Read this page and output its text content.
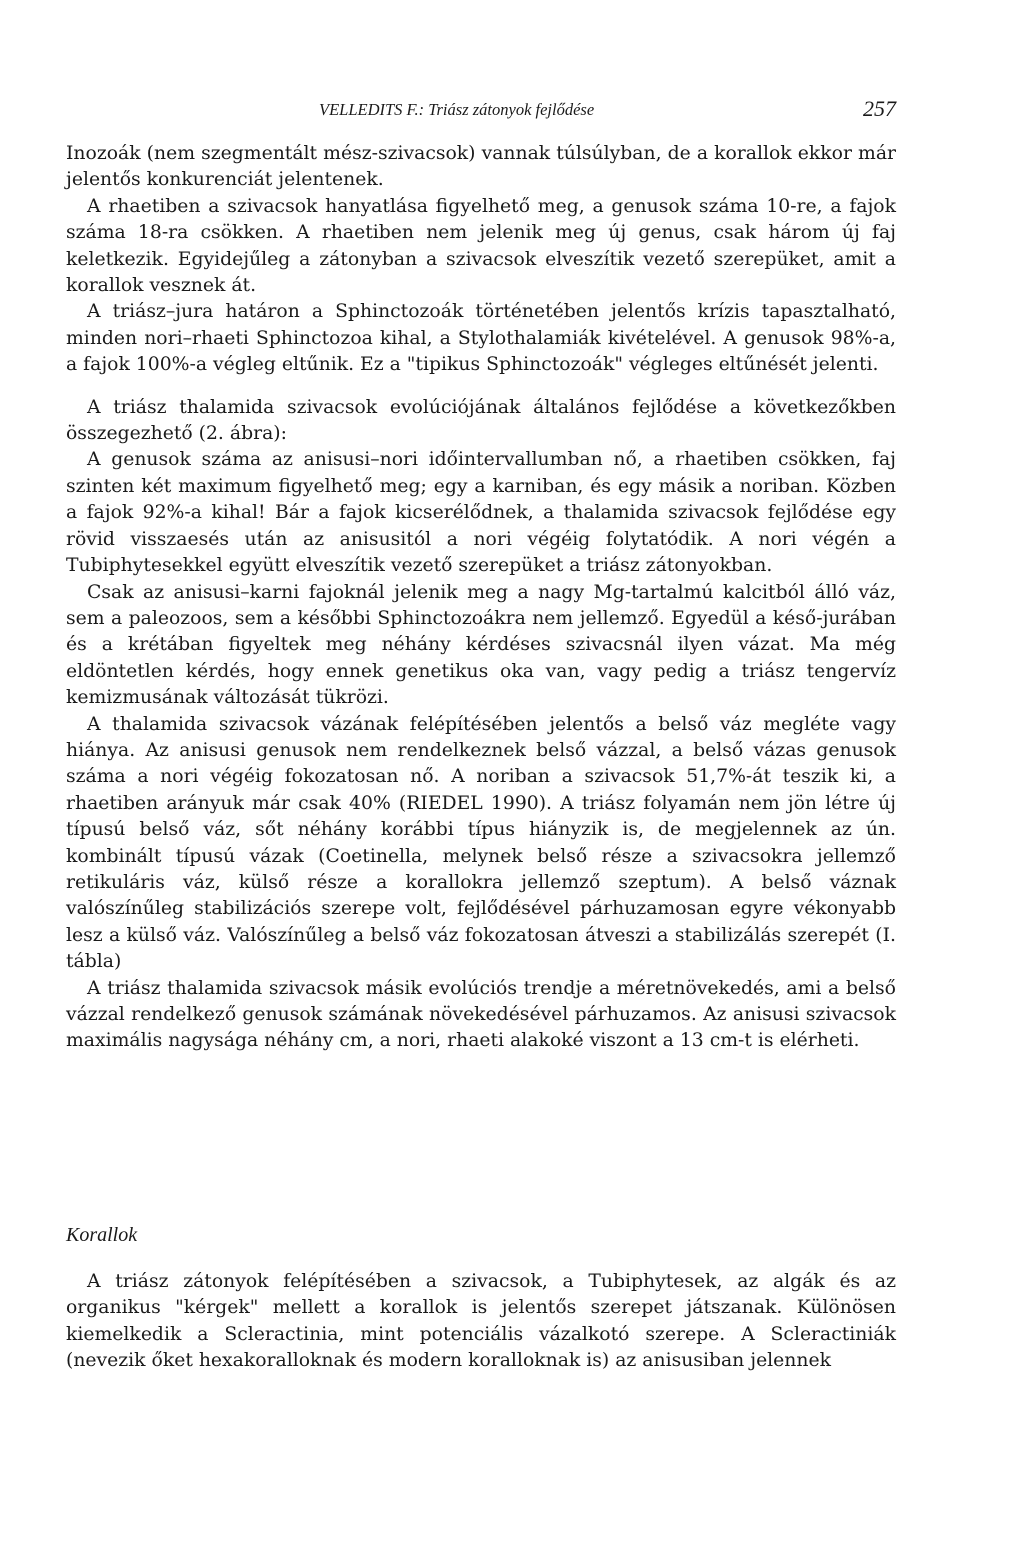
VELLEDITS F.: Triász zátonyok fejlődése	257

Inozoák (nem szegmentált mész-szivacsok) vannak túlsúlyban, de a korallok ekkor már jelentős konkurenciát jelentenek.

A rhaetiben a szivacsok hanyatlása figyelhető meg, a genusok száma 10-re, a fajok száma 18-ra csökken. A rhaetiben nem jelenik meg új genus, csak három új faj keletkezik. Egyidejűleg a zátonyban a szivacsok elveszítik vezető szerepüket, amit a korallok vesznek át.

A triász–jura határon a Sphinctozoák történetében jelentős krízis tapasztalható, minden nori–rhaeti Sphinctozoa kihal, a Stylothalamiák kivételével. A genusok 98%-a, a fajok 100%-a végleg eltűnik. Ez a "tipikus Sphinctozoák" végleges eltűnését jelenti.

A triász thalamida szivacsok evolúciójának általános fejlődése a következőkben összegezhető (2. ábra):

A genusok száma az anisusi–nori időintervallumban nő, a rhaetiben csökken, faj szinten két maximum figyelhető meg; egy a karniban, és egy másik a noriban. Közben a fajok 92%-a kihal! Bár a fajok kicserélődnek, a thalamida szivacsok fejlődése egy rövid visszaesés után az anisusitól a nori végéig folytatódik. A nori végén a Tubiphytesekkel együtt elveszítik vezető szerepüket a triász zátonyokban.

Csak az anisusi–karni fajoknál jelenik meg a nagy Mg-tartalmú kalcitból álló váz, sem a paleozoos, sem a későbbi Sphinctozoákra nem jellemző. Egyedül a késő-jurában és a krétában figyeltek meg néhány kérdéses szivacsnál ilyen vázat. Ma még eldöntetlen kérdés, hogy ennek genetikus oka van, vagy pedig a triász tengervíz kemizmusának változását tükrözi.

A thalamida szivacsok vázának felépítésében jelentős a belső váz megléte vagy hiánya. Az anisusi genusok nem rendelkeznek belső vázzal, a belső vázas genusok száma a nori végéig fokozatosan nő. A noriban a szivacsok 51,7%-át teszik ki, a rhaetiben arányuk már csak 40% (RIEDEL 1990). A triász folyamán nem jön létre új típusú belső váz, sőt néhány korábbi típus hiányzik is, de megjelennek az ún. kombinált típusú vázak (Coetinella, melynek belső része a szivacsokra jellemző retikuláris váz, külső része a korallokra jellemző szeptum). A belső váznak valószínűleg stabilizációs szerepe volt, fejlődésével párhuzamosan egyre vékonyabb lesz a külső váz. Valószínűleg a belső váz fokozatosan átveszi a stabilizálás szerepét (I. tábla)

A triász thalamida szivacsok másik evolúciós trendje a méretnövekedés, ami a belső vázzal rendelkező genusok számának növekedésével párhuzamos. Az anisusi szivacsok maximális nagysága néhány cm, a nori, rhaeti alakoké viszont a 13 cm-t is elérheti.

Korallok

A triász zátonyok felépítésében a szivacsok, a Tubiphytesek, az algák és az organikus "kérgek" mellett a korallok is jelentős szerepet játszanak. Különösen kiemelkedik a Scleractinia, mint potenciális vázalkotó szerepe. A Scleractiniák (nevezik őket hexakoralloknak és modern koralloknak is) az anisusiban jelennek
